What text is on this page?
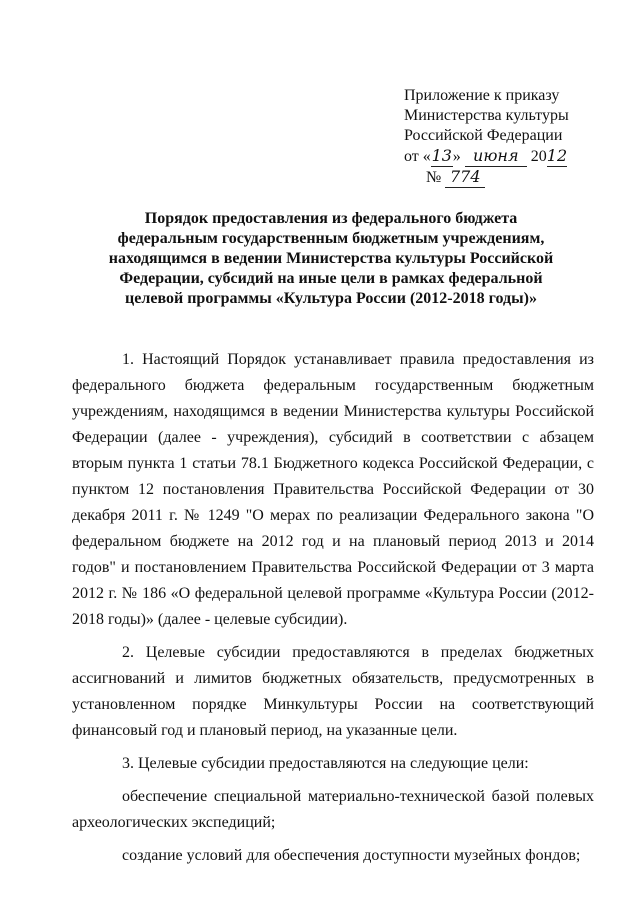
Приложение к приказу
Министерства культуры
Российской Федерации
от «13» июня 2012
№ 774
Порядок предоставления из федерального бюджета федеральным государственным бюджетным учреждениям, находящимся в ведении Министерства культуры Российской Федерации, субсидий на иные цели в рамках федеральной целевой программы «Культура России (2012-2018 годы)»

1. Настоящий Порядок устанавливает правила предоставления из федерального бюджета федеральным государственным бюджетным учреждениям, находящимся в ведении Министерства культуры Российской Федерации (далее - учреждения), субсидий в соответствии с абзацем вторым пункта 1 статьи 78.1 Бюджетного кодекса Российской Федерации, с пунктом 12 постановления Правительства Российской Федерации от 30 декабря 2011 г. № 1249 "О мерах по реализации Федерального закона "О федеральном бюджете на 2012 год и на плановый период 2013 и 2014 годов" и постановлением Правительства Российской Федерации от 3 марта 2012 г. № 186 «О федеральной целевой программе «Культура России (2012-2018 годы)» (далее - целевые субсидии).

2. Целевые субсидии предоставляются в пределах бюджетных ассигнований и лимитов бюджетных обязательств, предусмотренных в установленном порядке Минкультуры России на соответствующий финансовый год и плановый период, на указанные цели.

3. Целевые субсидии предоставляются на следующие цели:

обеспечение специальной материально-технической базой полевых археологических экспедиций;

создание условий для обеспечения доступности музейных фондов;
